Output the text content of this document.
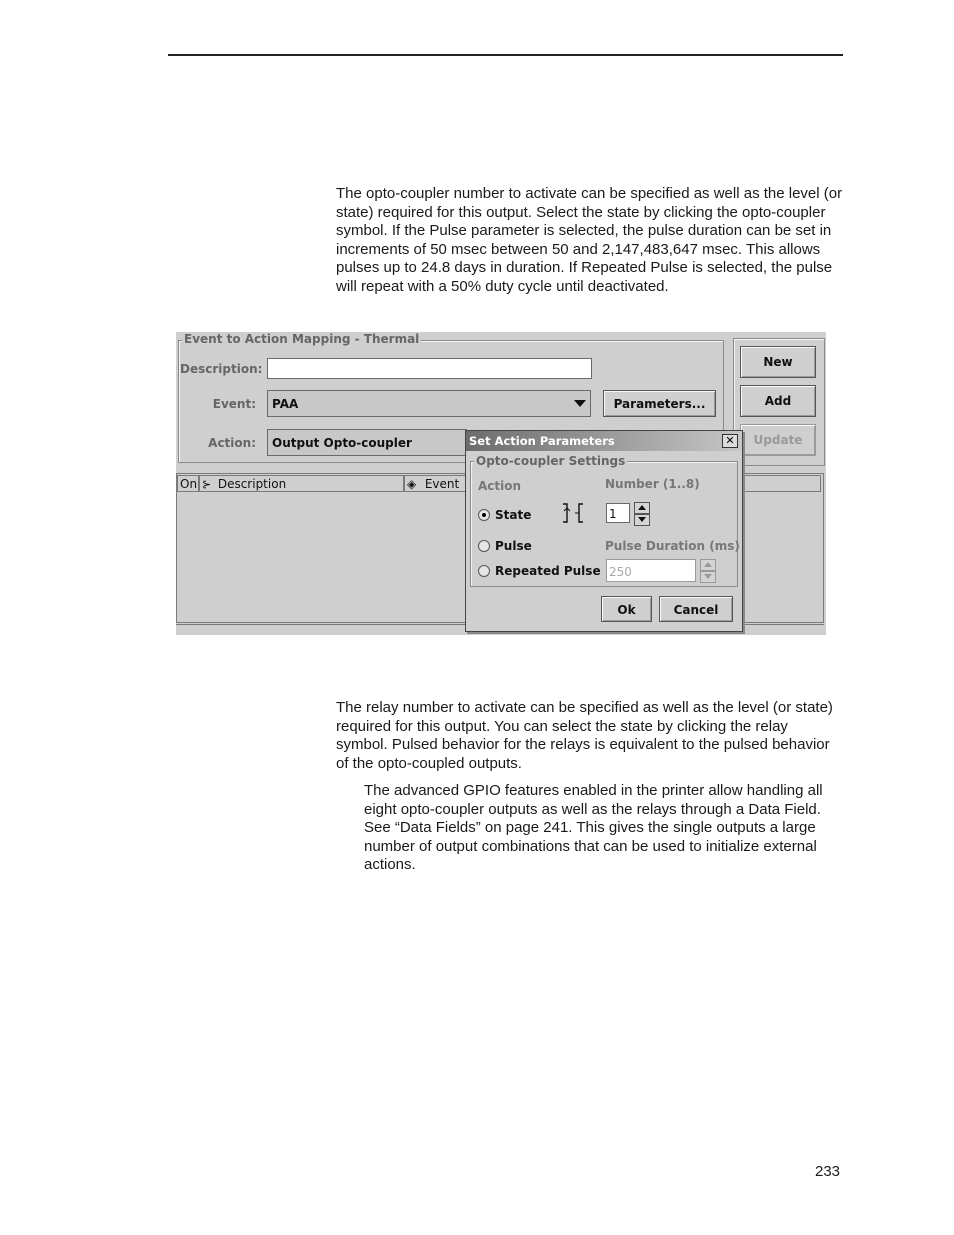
The opto-coupler number to activate can be specified as well as the level (or state) required for this output. Select the state by clicking the opto-coupler symbol. If the Pulse parameter is selected, the pulse duration can be set in increments of 50 msec between 50 and 2,147,483,647 msec. This allows pulses up to 24.8 days in duration. If Repeated Pulse is selected, the pulse will repeat with a 50% duty cycle until deactivated.

Event to Action Mapping - Thermal
Description:
Event:	PAA	Parameters...
Action:	Output Opto-coupler
New
Add
Update
On ⊱ Description	◈ Event
Set Action Parameters	✕
Opto-coupler Settings
Action	Number (1..8)
State	1
Pulse	Pulse Duration (ms)
Repeated Pulse 250
Ok	Cancel

The relay number to activate can be specified as well as the level (or state) required for this output. You can select the state by clicking the relay symbol. Pulsed behavior for the relays is equivalent to the pulsed behavior of the opto-coupled outputs.

The advanced GPIO features enabled in the printer allow handling all eight opto-coupler outputs as well as the relays through a Data Field. See “Data Fields” on page 241. This gives the single outputs a large number of output combinations that can be used to initialize external actions.

233
